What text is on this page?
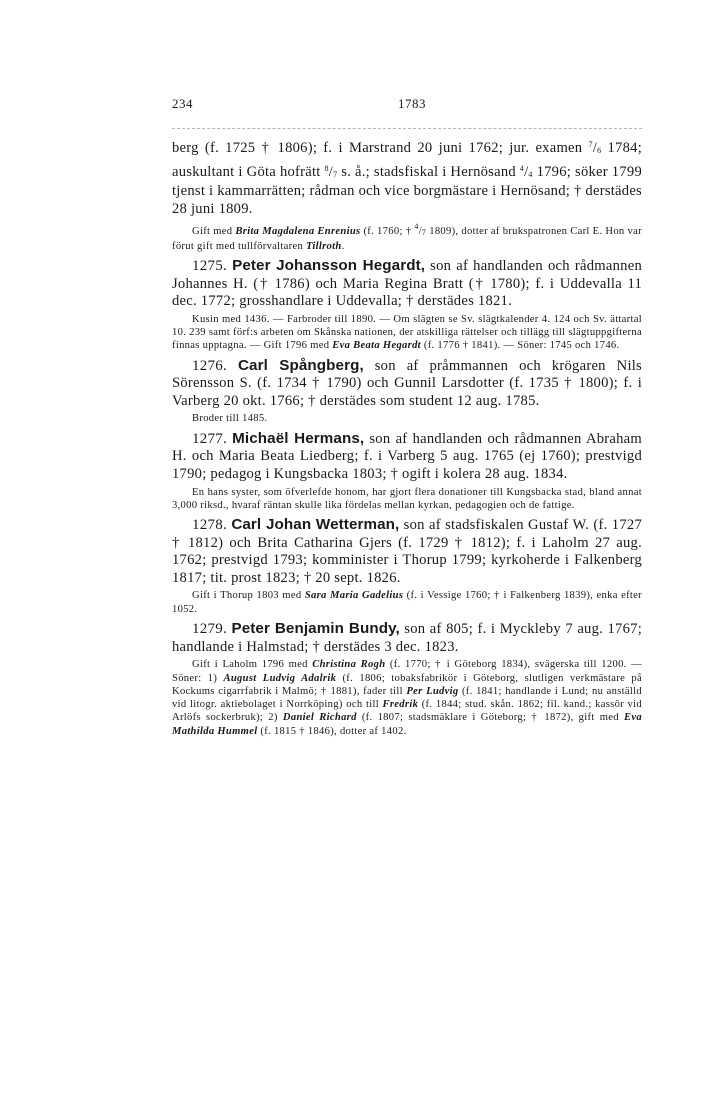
234	1783

berg (f. 1725 † 1806); f. i Marstrand 20 juni 1762; jur. examen $^7/_6$ 1784; auskultant i Göta hofrätt $^8/_7$ s. å.; stadsfiskal i Hernösand $^4/_4$ 1796; söker 1799 tjenst i kammarrätten; rådman och vice borgmästare i Hernösand; † derstädes 28 juni 1809.

Gift med Brita Magdalena Enrenius (f. 1760; † $^4/_7$ 1809), dotter af brukspatronen Carl E. Hon var förut gift med tullförvaltaren Tillroth.

1275. Peter Johansson Hegardt, son af handlanden och rådmannen Johannes H. († 1786) och Maria Regina Bratt († 1780); f. i Uddevalla 11 dec. 1772; grosshandlare i Uddevalla; † derstädes 1821.

Kusin med 1436. — Farbroder till 1890. — Om slägten se Sv. slägtkalender 4. 124 och Sv. ättartal 10. 239 samt förf:s arbeten om Skånska nationen, der atskilliga rättelser och tillägg till slägtuppgifterna finnas upptagna. — Gift 1796 med Eva Beata Hegardt (f. 1776 † 1841). — Söner: 1745 och 1746.

1276. Carl Spångberg, son af pråmmannen och krögaren Nils Sörensson S. (f. 1734 † 1790) och Gunnil Larsdotter (f. 1735 † 1800); f. i Varberg 20 okt. 1766; † derstädes som student 12 aug. 1785.

Broder till 1485.

1277. Michaël Hermans, son af handlanden och rådmannen Abraham H. och Maria Beata Liedberg; f. i Varberg 5 aug. 1765 (ej 1760); prestvigd 1790; pedagog i Kungsbacka 1803; † ogift i kolera 28 aug. 1834.

En hans syster, som öfverlefde honom, har gjort flera donationer till Kungsbacka stad, bland annat 3,000 riksd., hvaraf räntan skulle lika fördelas mellan kyrkan, pedagogien och de fattige.

1278. Carl Johan Wetterman, son af stadsfiskalen Gustaf W. (f. 1727 † 1812) och Brita Catharina Gjers (f. 1729 † 1812); f. i Laholm 27 aug. 1762; prestvigd 1793; komminister i Thorup 1799; kyrkoherde i Falkenberg 1817; tit. prost 1823; † 20 sept. 1826.

Gift i Thorup 1803 med Sara Maria Gadelius (f. i Vessige 1760; † i Falkenberg 1839), enka efter 1052.

1279. Peter Benjamin Bundy, son af 805; f. i Myckleby 7 aug. 1767; handlande i Halmstad; † derstädes 3 dec. 1823.

Gift i Laholm 1796 med Christina Rogh (f. 1770; † i Göteborg 1834), svägerska till 1200. — Söner: 1) August Ludvig Adalrik (f. 1806; tobaksfabrikör i Göteborg, slutligen verkmästare på Kockums cigarrfabrik i Malmö; † 1881), fader till Per Ludvig (f. 1841; handlande i Lund; nu anställd vid litogr. aktiebolaget i Norrköping) och till Fredrik (f. 1844; stud. skån. 1862; fil. kand.; kassör vid Arlöfs sockerbruk); 2) Daniel Richard (f. 1807; stadsmäklare i Göteborg; † 1872), gift med Eva Mathilda Hummel (f. 1815 † 1846), dotter af 1402.
